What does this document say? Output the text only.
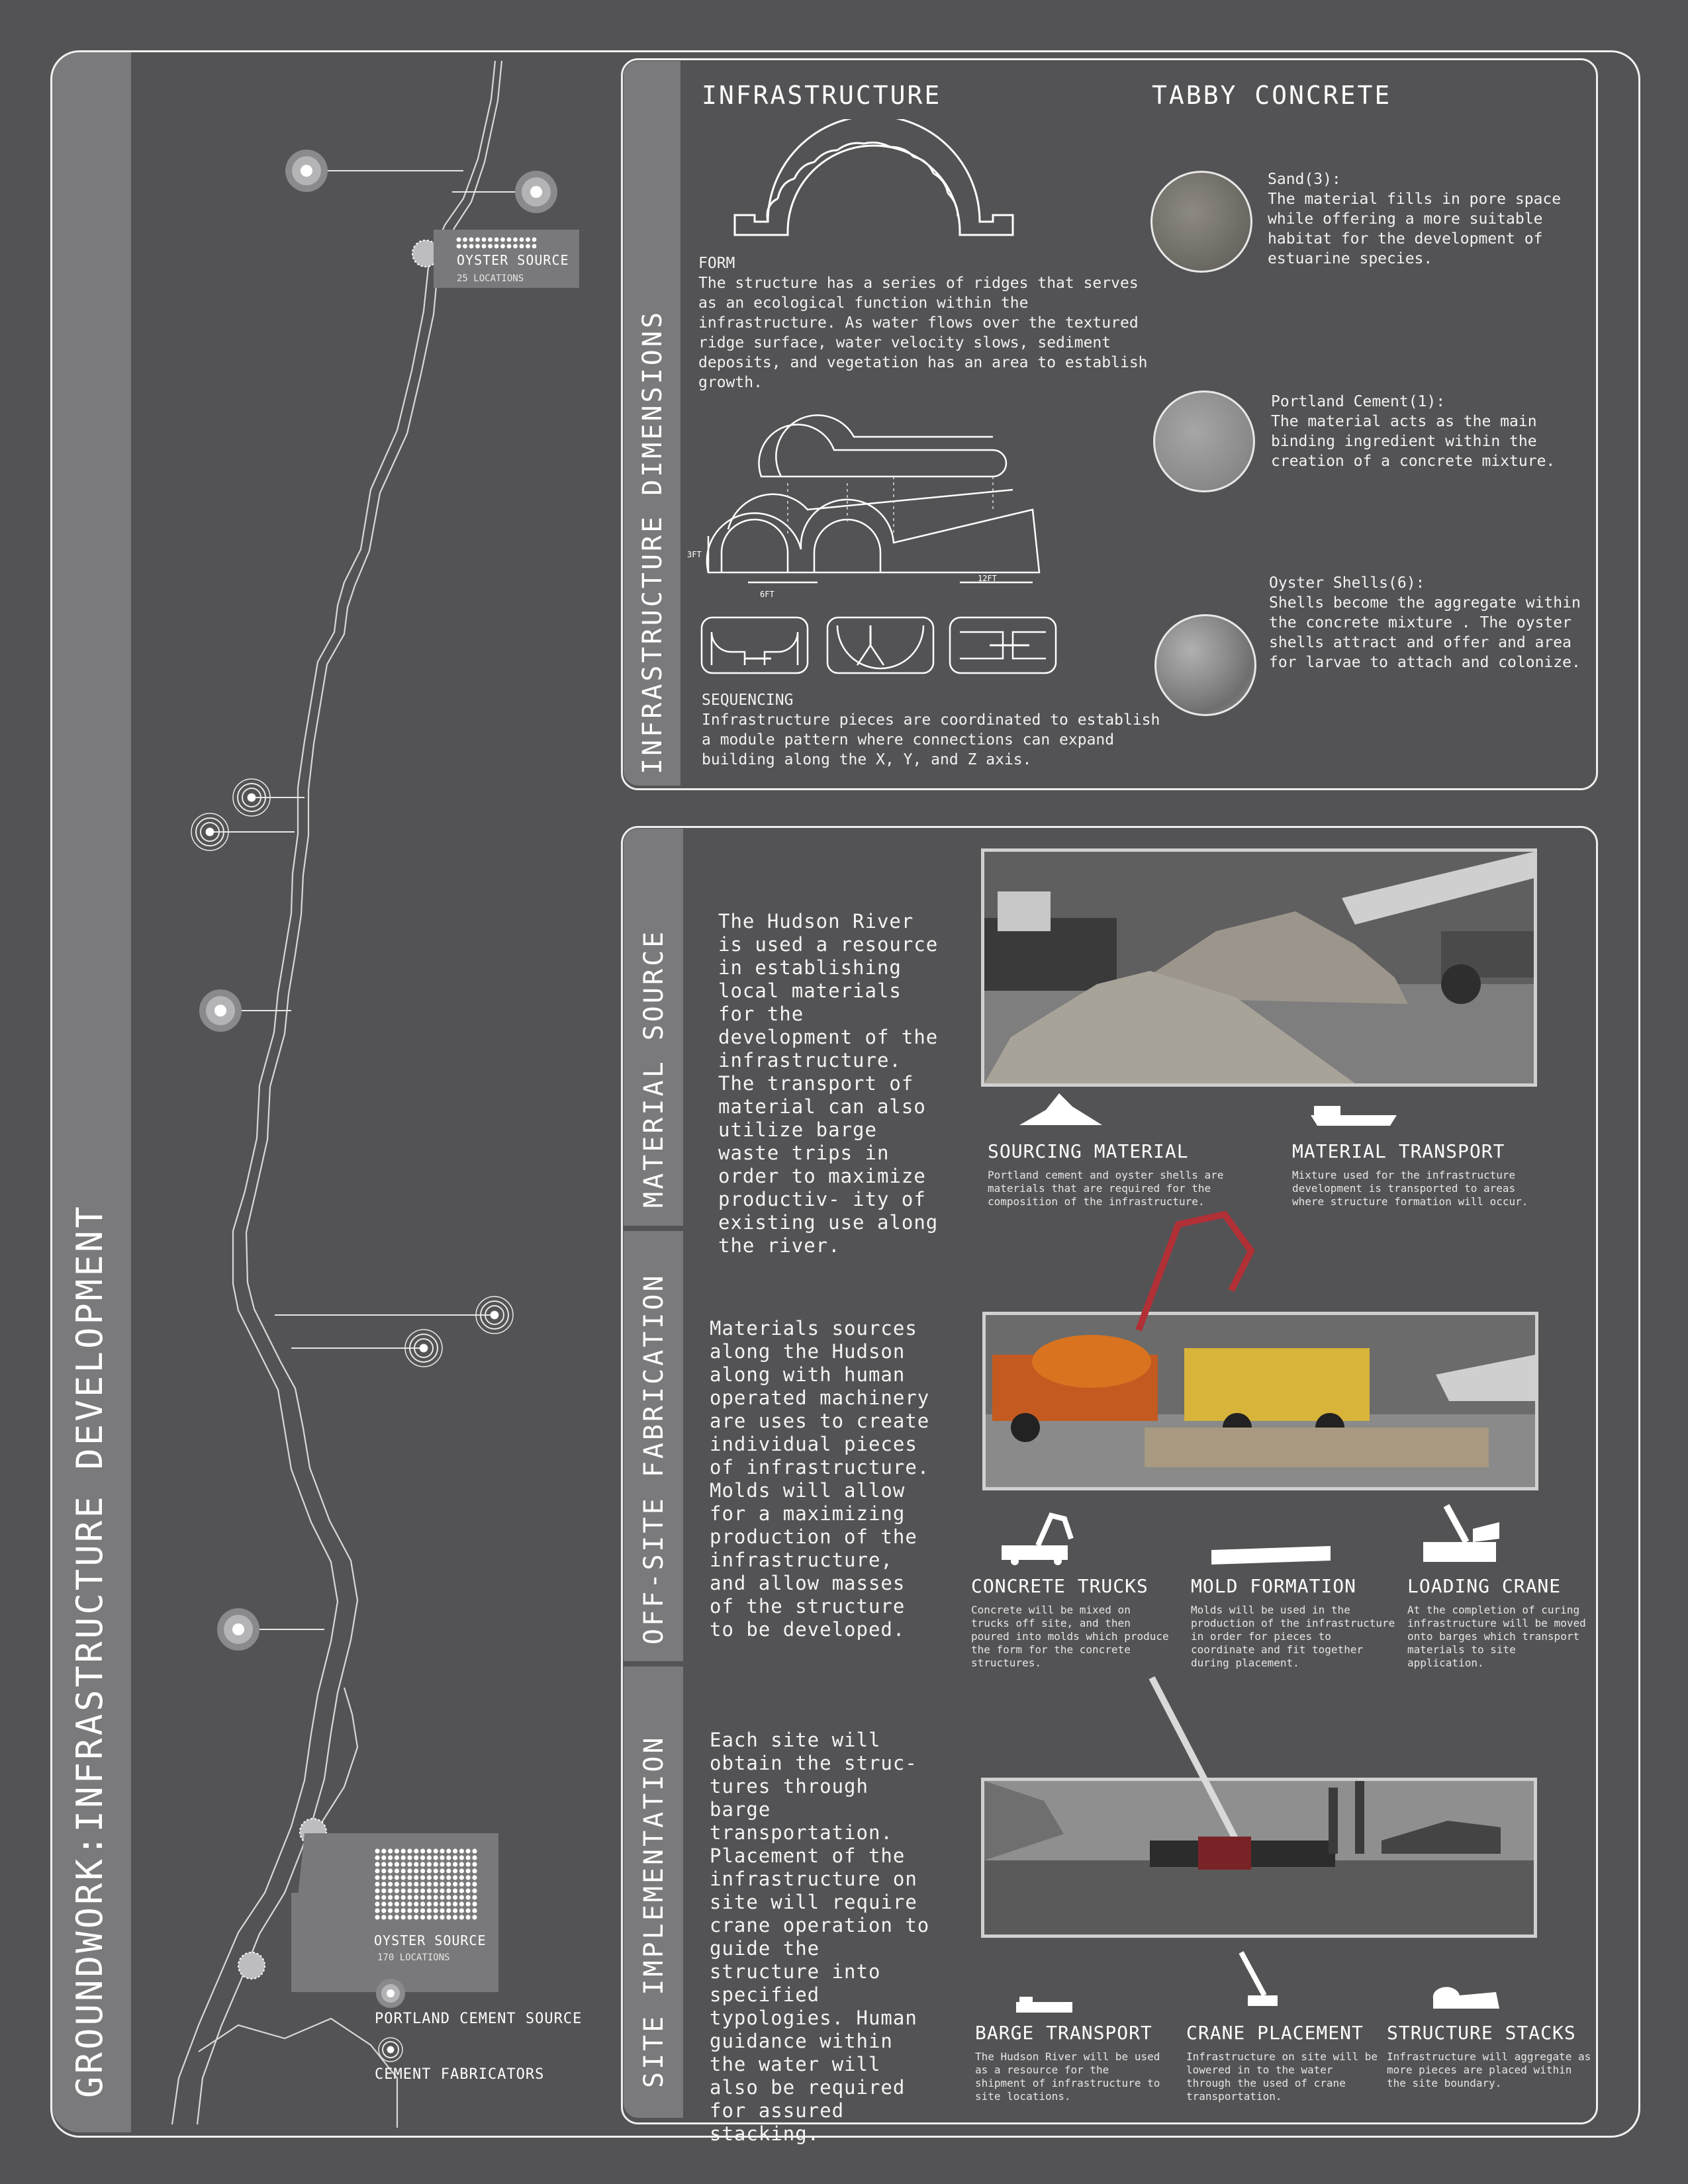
GROUNDWORK:INFRASTRUCTURE DEVELOPMENT
OYSTER SOURCE
25 LOCATIONS
OYSTER SOURCE
170 LOCATIONS
PORTLAND CEMENT SOURCE
CEMENT FABRICATORS
INFRASTRUCTURE DIMENSIONS
INFRASTRUCTURE
FORM
The structure has a series of ridges that serves as an ecological function within the infrastructure. As water flows over the textured ridge surface, water velocity slows, sediment deposits, and vegetation has an area to establish growth.
3FT
6FT
12FT
SEQUENCING
Infrastructure pieces are coordinated to establish a module pattern where connections can expand building along the X, Y, and Z axis.
TABBY CONCRETE
Sand(3):
The material fills in pore space while offering a more suitable habitat for the development of estuarine species.
Portland Cement(1):
The material acts as the main binding ingredient within the creation of a concrete mixture.
Oyster Shells(6):
Shells become the aggregate within the concrete mixture . The oyster shells attract and offer and area for larvae to attach and colonize.
MATERIAL SOURCE
OFF-SITE FABRICATION
SITE IMPLEMENTATION
The Hudson River is used a resource in establishing local materials for the development of the infrastructure. The transport of material can also utilize barge waste trips in order to maximize productiv- ity of existing use along the river.
SOURCING MATERIAL
Portland cement and oyster shells are materials that are required for the composition of the infrastructure.
MATERIAL TRANSPORT
Mixture used for the infrastructure development is transported to areas where structure formation will occur.
Materials sources along the Hudson along with human operated machinery are uses to create individual pieces of infrastructure. Molds will allow for a maximizing production of the infrastructure, and allow masses of the structure to be developed.
CONCRETE TRUCKS
Concrete will be mixed on trucks off site, and then poured into molds which produce the form for the concrete structures.
MOLD FORMATION
Molds will be used in the production of the infrastructure in order for pieces to coordinate and fit together during placement.
LOADING CRANE
At the completion of curing infrastructure will be moved onto barges which transport materials to site application.
Each site will obtain the struc- tures through barge transportation. Placement of the infrastructure on site will require crane operation to guide the structure into specified typologies. Human guidance within the water will also be required for assured stacking.
BARGE TRANSPORT
The Hudson River will be used as a resource for the shipment of infrastructure to site locations.
CRANE PLACEMENT
Infrastructure on site will be lowered in to the water through the used of crane transportation.
STRUCTURE STACKS
Infrastructure will aggregate as more pieces are placed within the site boundary.
